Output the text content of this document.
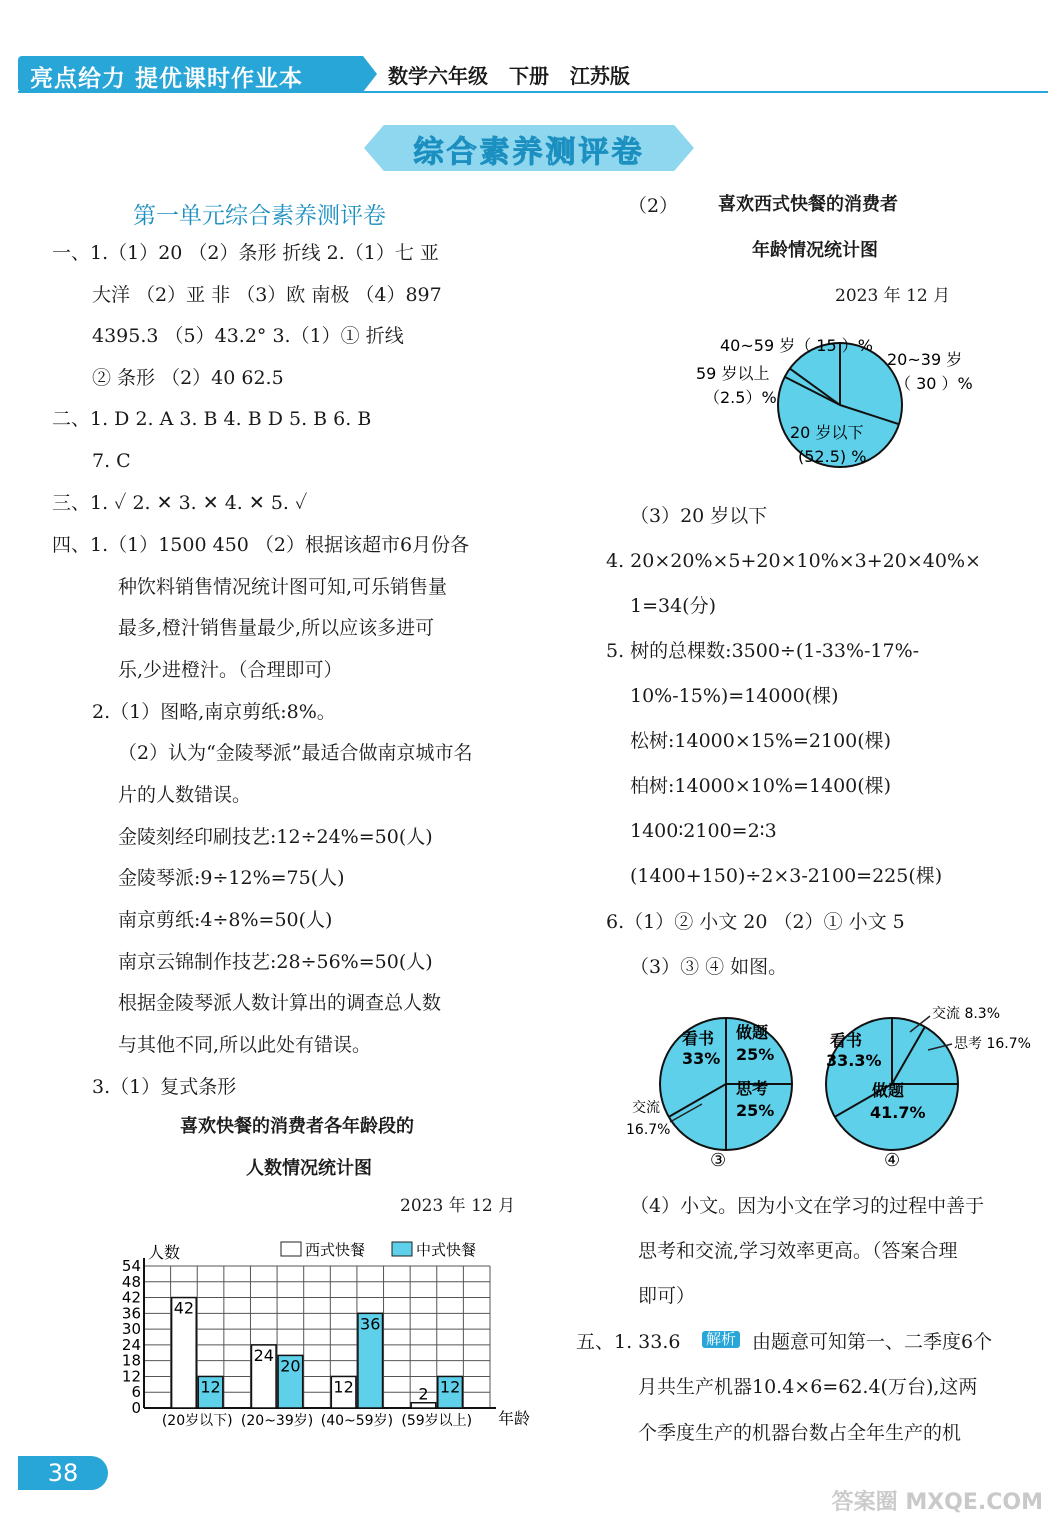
亮点给力 提优课时作业本	数学六年级 下册 江苏版
综合素养测评卷
第一单元综合素养测评卷
一、1.（1）20 （2）条形 折线 2.（1）七 亚
大洋 （2）亚 非 （3）欧 南极 （4）897
4395.3 （5）43.2° 3.（1）① 折线
② 条形 （2）40 62.5
二、1. D 2. A 3. B 4. B D 5. B 6. B
7. C
三、1. ✓ 2. ✕ 3. ✕ 4. ✕ 5. ✓
四、1.（1）1500 450 （2）根据该超市6月份各
种饮料销售情况统计图可知,可乐销售量
最多,橙汁销售量最少,所以应该多进可
乐,少进橙汁。（合理即可）
2.（1）图略,南京剪纸:8%。
（2）认为“金陵琴派”最适合做南京城市名
片的人数错误。
金陵刻经印刷技艺:12÷24%=50(人)
金陵琴派:9÷12%=75(人)
南京剪纸:4÷8%=50(人)
南京云锦制作技艺:28÷56%=50(人)
根据金陵琴派人数计算出的调查总人数
与其他不同,所以此处有错误。
3.（1）复式条形
喜欢快餐的消费者各年龄段的
人数情况统计图
2023 年 12 月
人数	西式快餐	中式快餐
0
6
12
18
24
30
36
42
48
54
42
12
(20岁以下)
24
20
(20~39岁)
12
36
(40~59岁)
2 12
(59岁以上) 年龄
（2） 喜欢西式快餐的消费者
年龄情况统计图
2023 年 12 月
40~59 岁（ 15 ）%
20~39 岁
（ 30 ）%
59 岁以上
（2.5）%
20 岁以下
(52.5) %
（3）20 岁以下
4. 20×20%×5+20×10%×3+20×40%×
1=34(分)
5. 树的总棵数:3500÷(1-33%-17%-
10%-15%)=14000(棵)
松树:14000×15%=2100(棵)
柏树:14000×10%=1400(棵)
1400∶2100=2∶3
(1400+150)÷2×3-2100=225(棵)
6.（1）② 小文 20 （2）① 小文 5
（3）③ ④ 如图。
看书
33%
做题
25%
思考
25%
交流
16.7%
看书
33.3%
交流 8.3%
思考 16.7%
做题
41.7%
③	④
（4）小文。因为小文在学习的过程中善于
思考和交流,学习效率更高。（答案合理
即可）
五、1. 33.6 解析 由题意可知第一、二季度6个
月共生产机器10.4×6=62.4(万台),这两
个季度生产的机器台数占全年生产的机
38
答案圈 MXQE.COM
